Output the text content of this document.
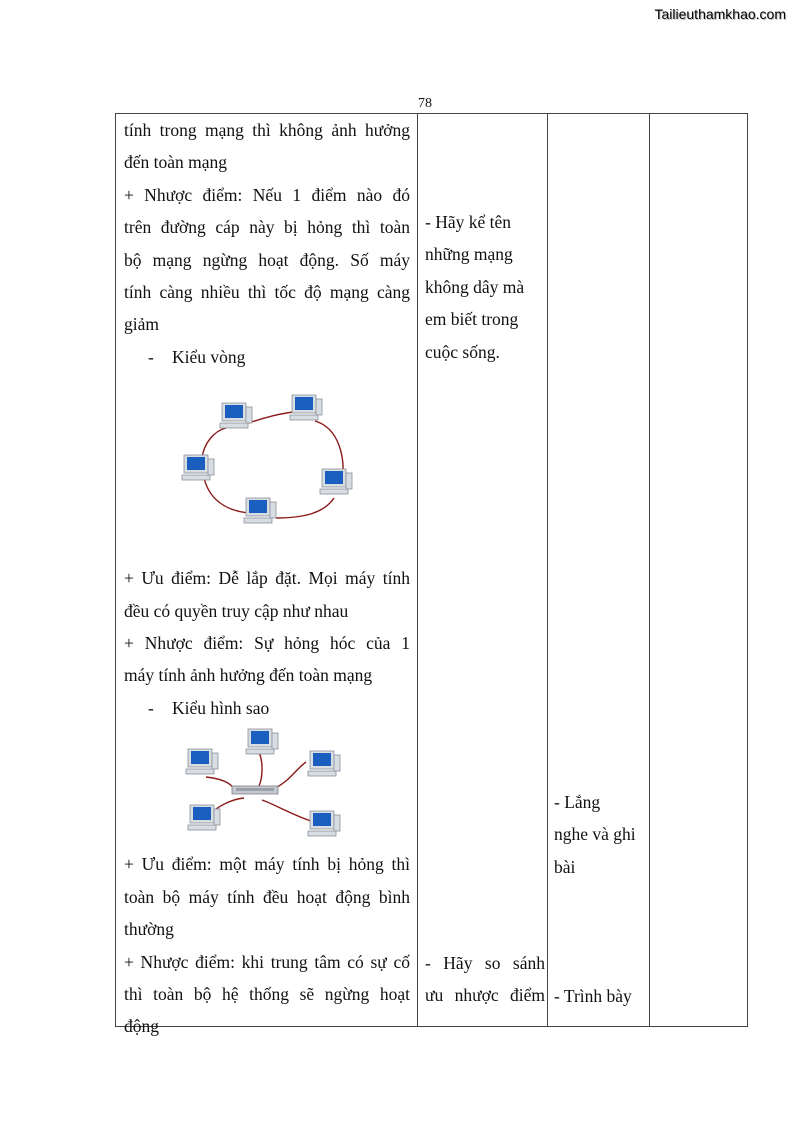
Tailieuthamkhao.com
78
tính trong mạng thì không ảnh hưởng
đến toàn mạng
+ Nhược điểm: Nếu 1 điểm nào đó
trên đường cáp này bị hỏng thì toàn
bộ mạng ngừng hoạt động. Số máy
tính càng nhiều thì tốc độ mạng càng
giảm
- Kiểu vòng
+ Ưu điểm: Dễ lắp đặt. Mọi máy tính
đều có quyền truy cập như nhau
+ Nhược điểm: Sự hỏng hóc của 1
máy tính ảnh hưởng đến toàn mạng
- Kiểu hình sao
+ Ưu điểm: một máy tính bị hỏng thì
toàn bộ máy tính đều hoạt động bình
thường
+ Nhược điểm: khi trung tâm có sự cố
thì toàn bộ hệ thống sẽ ngừng hoạt
động
- Hãy kể tên
những mạng
không dây mà
em biết trong
cuộc sống.
- Hãy so sánh
ưu nhược điểm
- Lắng
nghe và ghi
bài
- Trình bày
